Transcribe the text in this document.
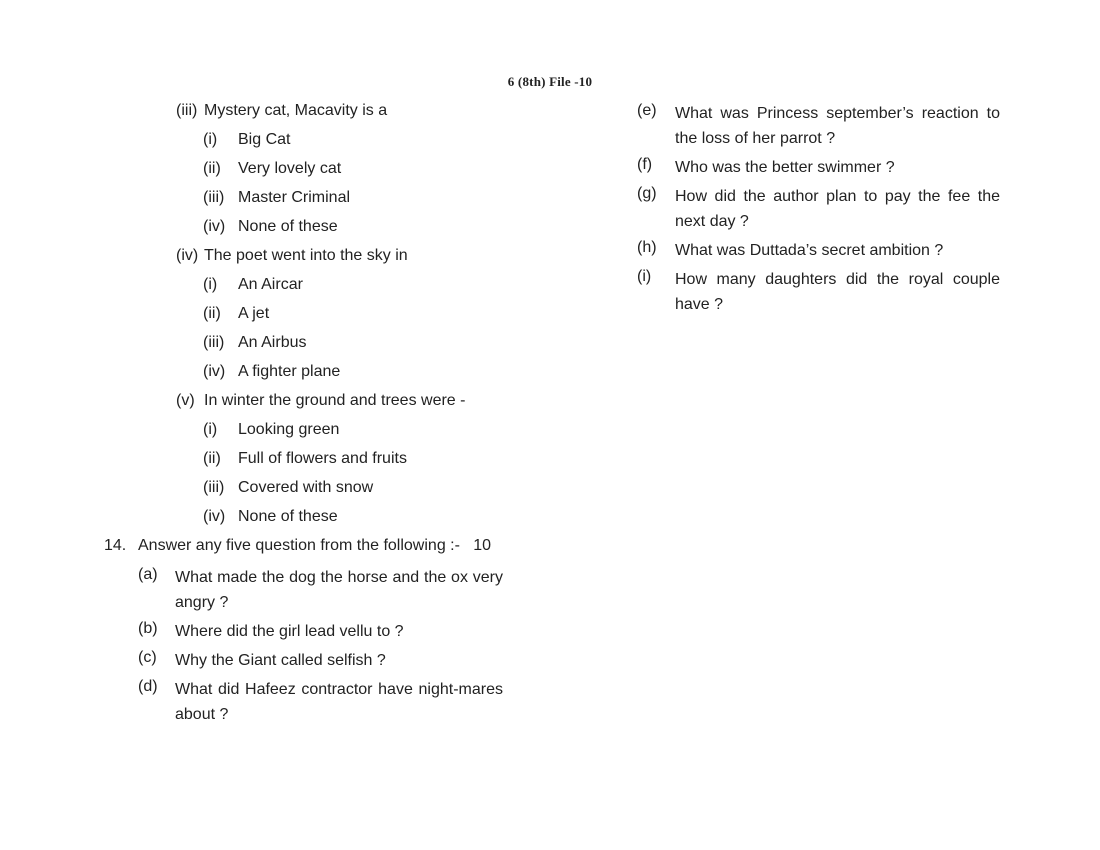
6 (8th) File -10
(iii) Mystery cat, Macavity is a
(i) Big Cat
(ii) Very lovely cat
(iii) Master Criminal
(iv) None of these
(iv) The poet went into the sky in
(i) An Aircar
(ii) A jet
(iii) An Airbus
(iv) A fighter plane
(v) In winter the ground and trees were -
(i) Looking green
(ii) Full of flowers and fruits
(iii) Covered with snow
(iv) None of these
14. Answer any five question from the following :- 10
(a) What made the dog the horse and the ox very angry ?
(b) Where did the girl lead vellu to ?
(c) Why the Giant called selfish ?
(d) What did Hafeez contractor have night-mares about ?
(e) What was Princess september’s reaction to the loss of her parrot ?
(f) Who was the better swimmer ?
(g) How did the author plan to pay the fee the next day ?
(h) What was Duttada’s secret ambition ?
(i) How many daughters did the royal couple have ?
